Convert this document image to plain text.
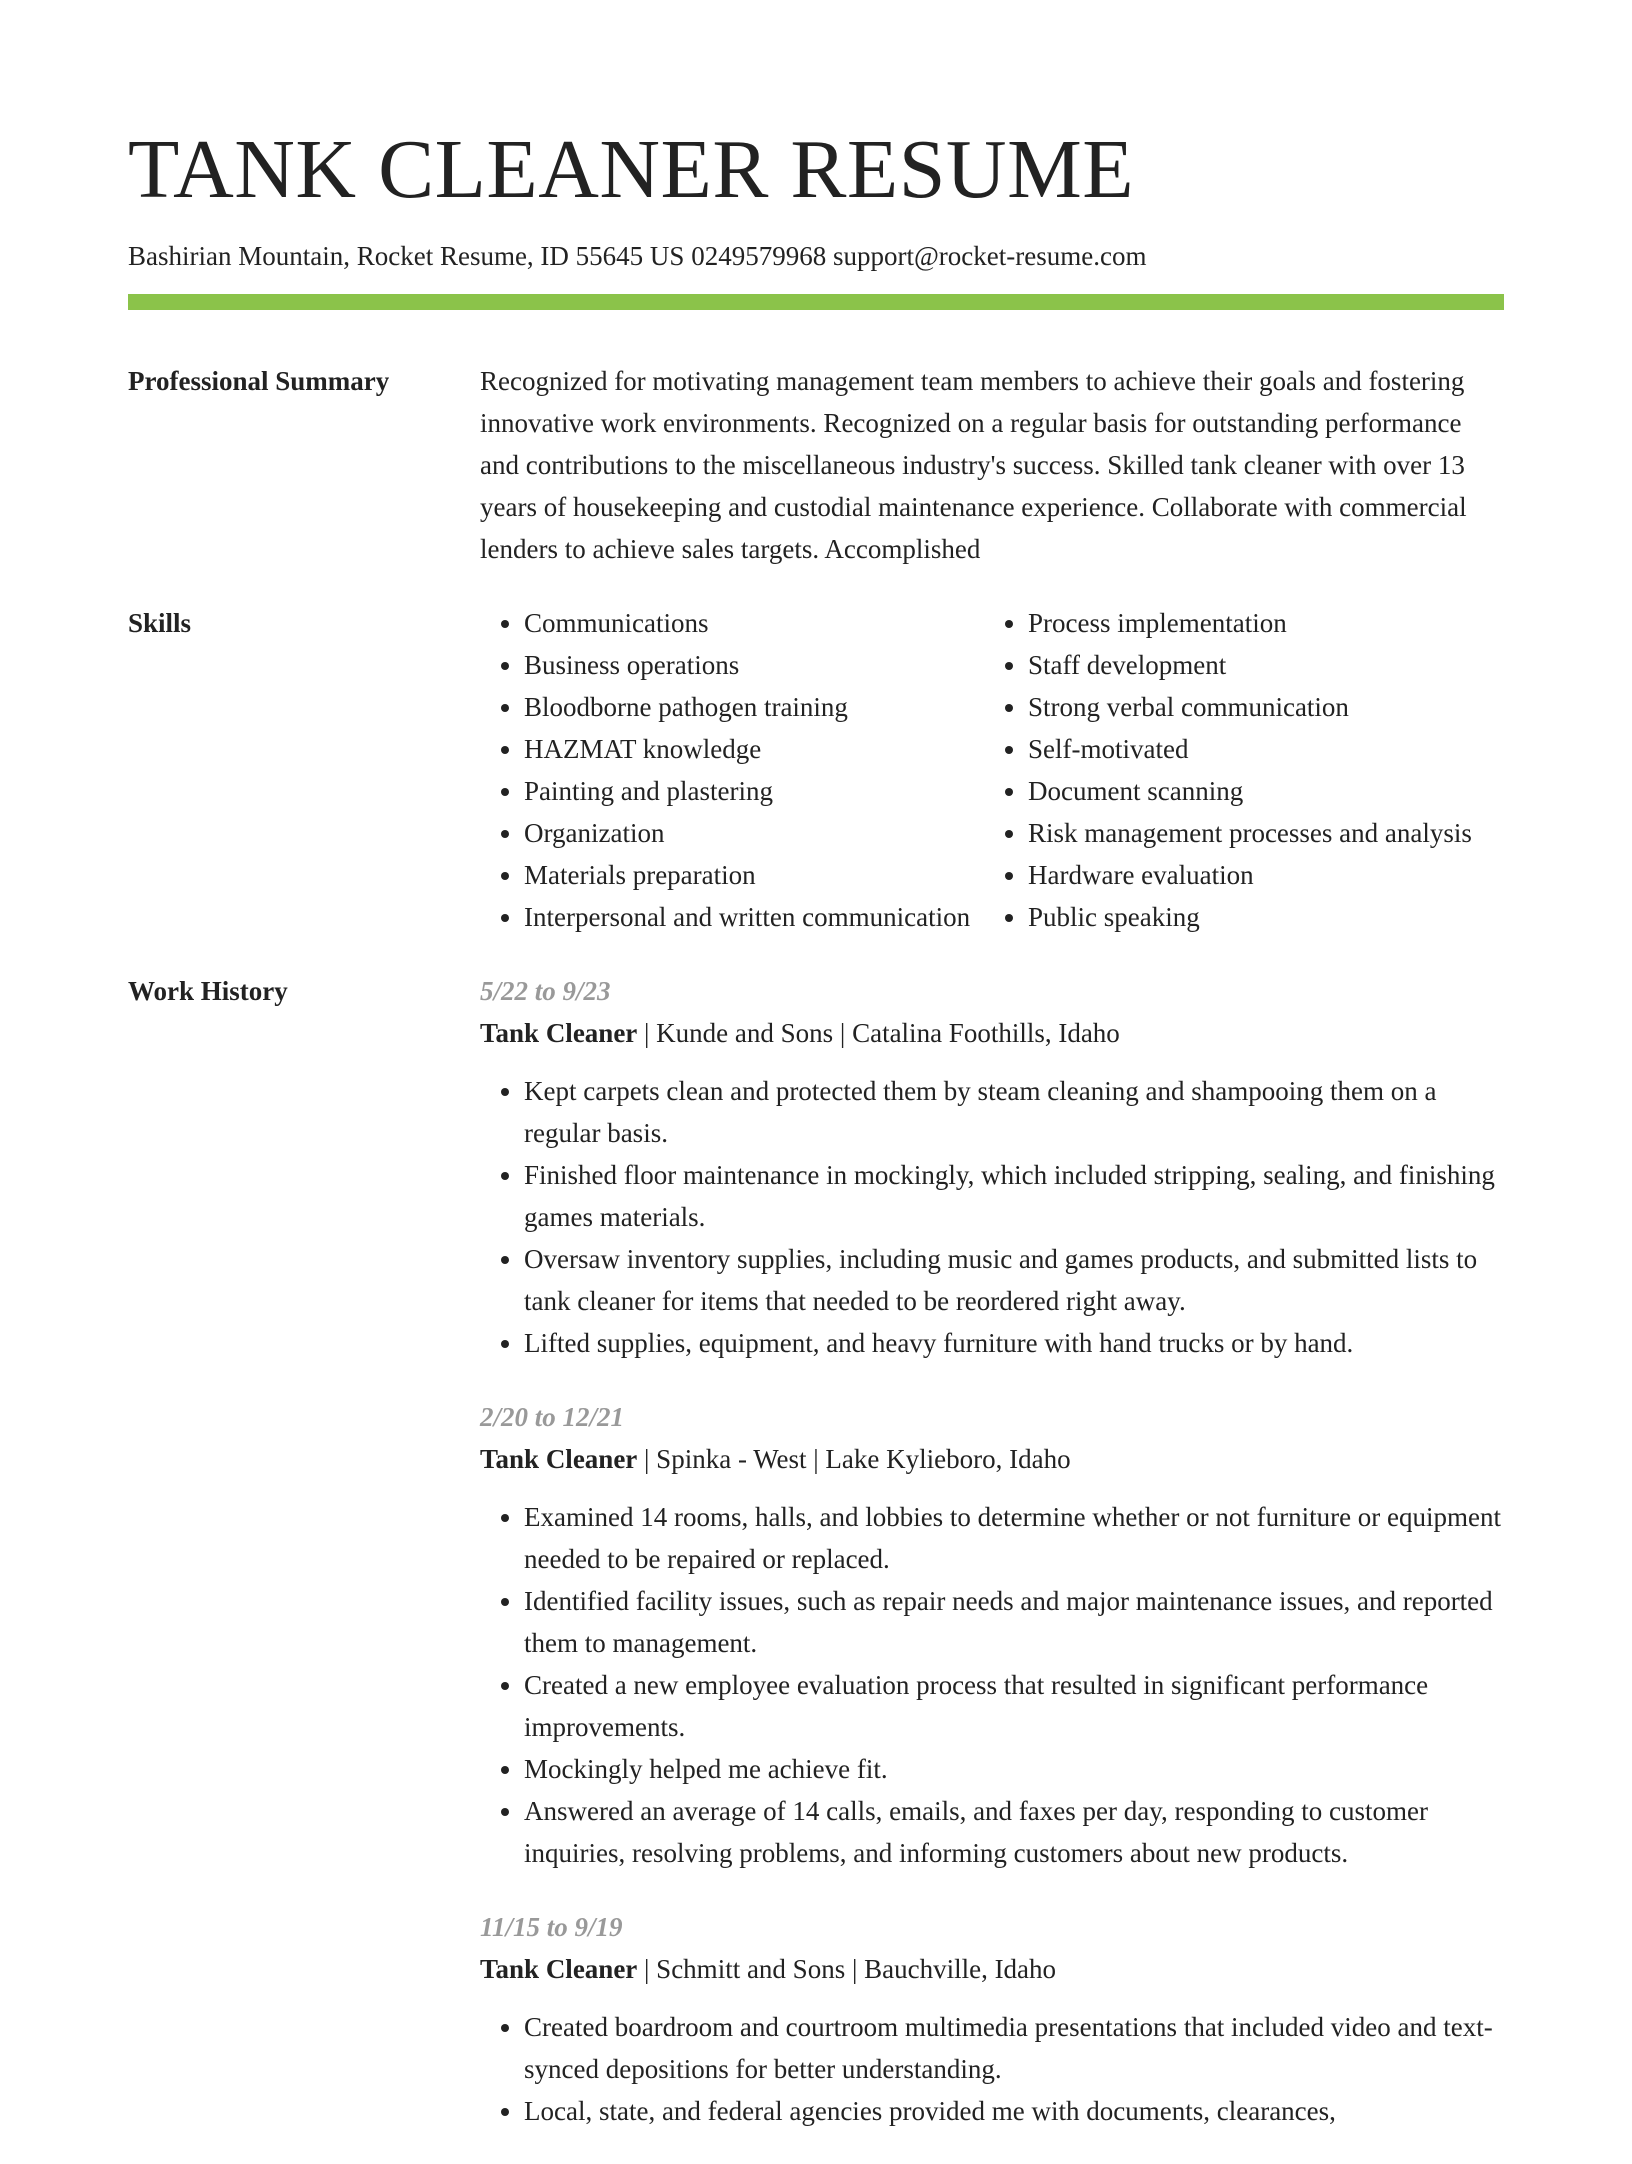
TANK CLEANER RESUME
Bashirian Mountain, Rocket Resume, ID 55645 US 0249579968 support@rocket-resume.com
Professional Summary	Recognized for motivating management team members to achieve their goals and fostering innovative work environments. Recognized on a regular basis for outstanding performance and contributions to the miscellaneous industry's success. Skilled tank cleaner with over 13 years of housekeeping and custodial maintenance experience. Collaborate with commercial lenders to achieve sales targets. Accomplished
Skills
•	Communications
• Business operations
• Bloodborne pathogen training
• HAZMAT knowledge
• Painting and plastering
• Organization
• Materials preparation
• Interpersonal and written communication
• Process implementation
• Staff development
• Strong verbal communication
• Self-motivated
• Document scanning
• Risk management processes and analysis
• Hardware evaluation
• Public speaking
Work History	5/22 to 9/23
Tank Cleaner | Kunde and Sons | Catalina Foothills, Idaho
• Kept carpets clean and protected them by steam cleaning and shampooing them on a regular basis.
• Finished floor maintenance in mockingly, which included stripping, sealing, and finishing games materials.
• Oversaw inventory supplies, including music and games products, and submitted lists to tank cleaner for items that needed to be reordered right away.
• Lifted supplies, equipment, and heavy furniture with hand trucks or by hand.
2/20 to 12/21
Tank Cleaner | Spinka - West | Lake Kylieboro, Idaho
• Examined 14 rooms, halls, and lobbies to determine whether or not furniture or equipment needed to be repaired or replaced.
• Identified facility issues, such as repair needs and major maintenance issues, and reported them to management.
• Created a new employee evaluation process that resulted in significant performance improvements.
• Mockingly helped me achieve fit.
• Answered an average of 14 calls, emails, and faxes per day, responding to customer inquiries, resolving problems, and informing customers about new products.
11/15 to 9/19
Tank Cleaner | Schmitt and Sons | Bauchville, Idaho
• Created boardroom and courtroom multimedia presentations that included video and text-synced depositions for better understanding.
• Local, state, and federal agencies provided me with documents, clearances,
